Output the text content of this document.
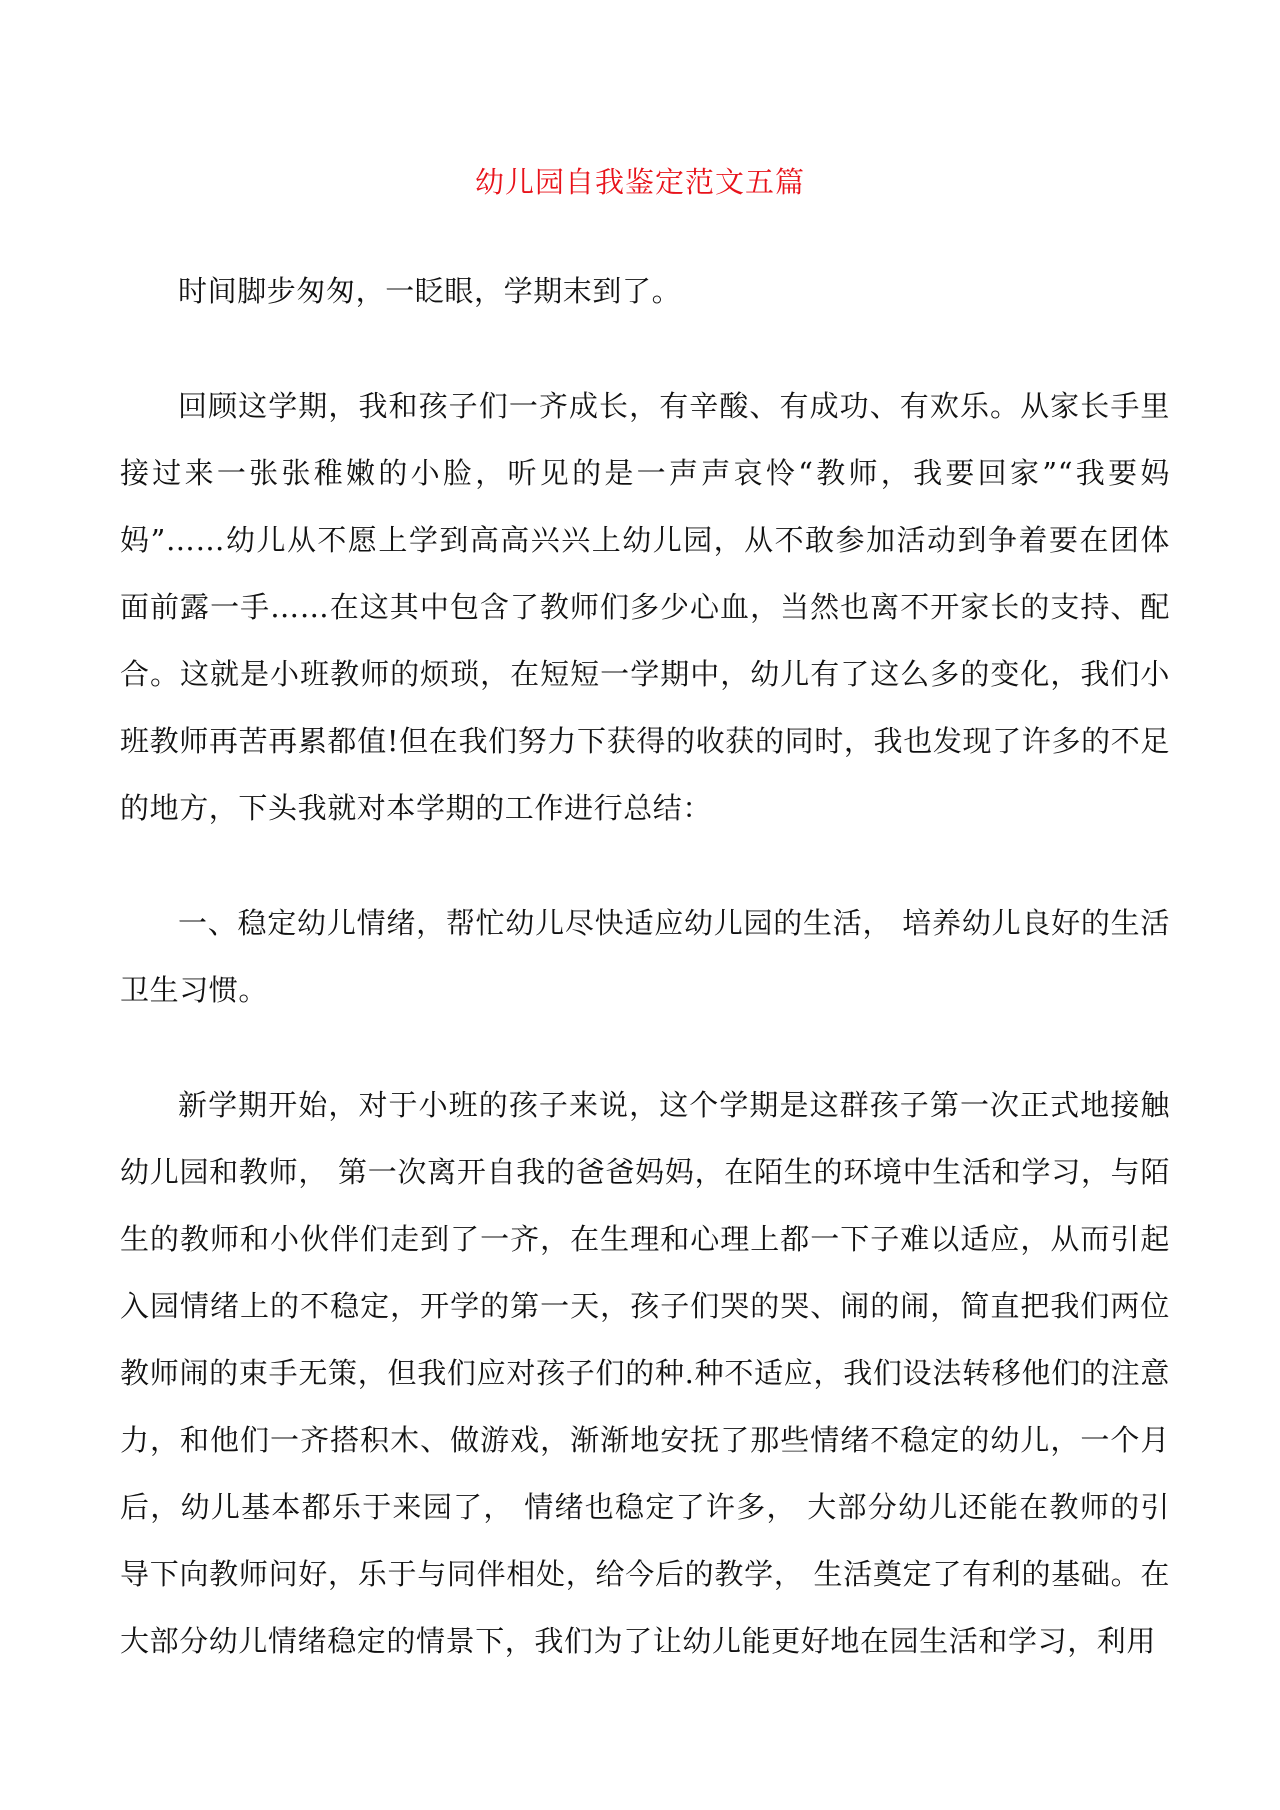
幼儿园自我鉴定范文五篇

时间脚步匆匆，一眨眼，学期末到了。

回顾这学期，我和孩子们一齐成长，有辛酸、有成功、有欢乐。从家长手里接过来一张张稚嫩的小脸，听见的是一声声哀怜“教师，我要回家”“我要妈妈”……幼儿从不愿上学到高高兴兴上幼儿园，从不敢参加活动到争着要在团体面前露一手……在这其中包含了教师们多少心血，当然也离不开家长的支持、配合。这就是小班教师的烦琐，在短短一学期中，幼儿有了这么多的变化，我们小班教师再苦再累都值!但在我们努力下获得的收获的同时，我也发现了许多的不足的地方，下头我就对本学期的工作进行总结：

一、稳定幼儿情绪，帮忙幼儿尽快适应幼儿园的生活， 培养幼儿良好的生活卫生习惯。

新学期开始，对于小班的孩子来说，这个学期是这群孩子第一次正式地接触幼儿园和教师， 第一次离开自我的爸爸妈妈，在陌生的环境中生活和学习，与陌生的教师和小伙伴们走到了一齐，在生理和心理上都一下子难以适应，从而引起入园情绪上的不稳定，开学的第一天，孩子们哭的哭、闹的闹，简直把我们两位教师闹的束手无策，但我们应对孩子们的种.种不适应，我们设法转移他们的注意力，和他们一齐搭积木、做游戏，渐渐地安抚了那些情绪不稳定的幼儿，一个月后，幼儿基本都乐于来园了， 情绪也稳定了许多， 大部分幼儿还能在教师的引导下向教师问好，乐于与同伴相处，给今后的教学， 生活奠定了有利的基础。在大部分幼儿情绪稳定的情景下，我们为了让幼儿能更好地在园生活和学习，利用
